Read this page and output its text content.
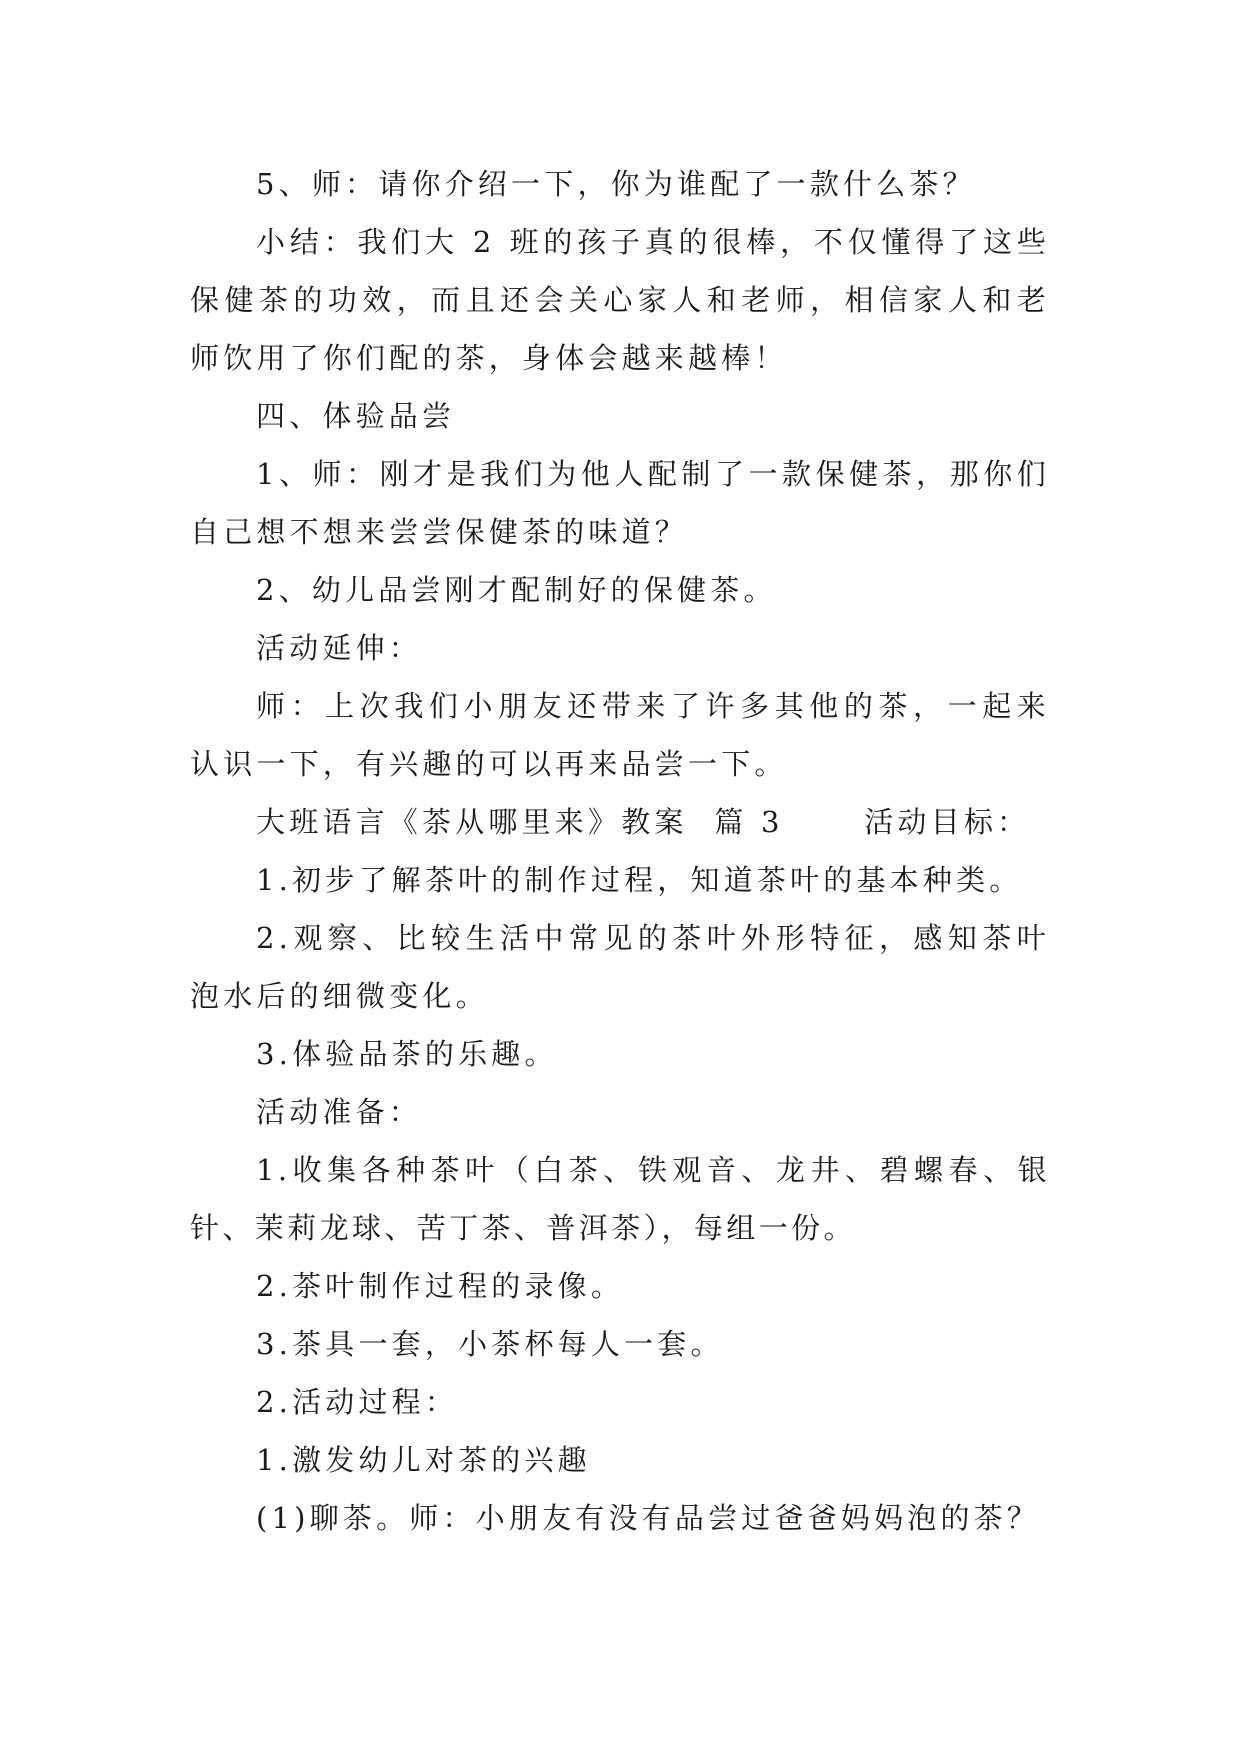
5、师：请你介绍一下，你为谁配了一款什么茶？

小结：我们大 2 班的孩子真的很棒，不仅懂得了这些保健茶的功效，而且还会关心家人和老师，相信家人和老师饮用了你们配的茶，身体会越来越棒！

四、体验品尝

1、师：刚才是我们为他人配制了一款保健茶，那你们自己想不想来尝尝保健茶的味道？

2、幼儿品尝刚才配制好的保健茶。

活动延伸：

师：上次我们小朋友还带来了许多其他的茶，一起来认识一下，有兴趣的可以再来品尝一下。

大班语言《茶从哪里来》教案  篇 3      活动目标：

1.初步了解茶叶的制作过程，知道茶叶的基本种类。

2.观察、比较生活中常见的茶叶外形特征，感知茶叶泡水后的细微变化。

3.体验品茶的乐趣。

活动准备：

1.收集各种茶叶（白茶、铁观音、龙井、碧螺春、银针、茉莉龙球、苦丁茶、普洱茶），每组一份。

2.茶叶制作过程的录像。

3.茶具一套，小茶杯每人一套。

2.活动过程：

1.激发幼儿对茶的兴趣

(1)聊茶。师：小朋友有没有品尝过爸爸妈妈泡的茶？
